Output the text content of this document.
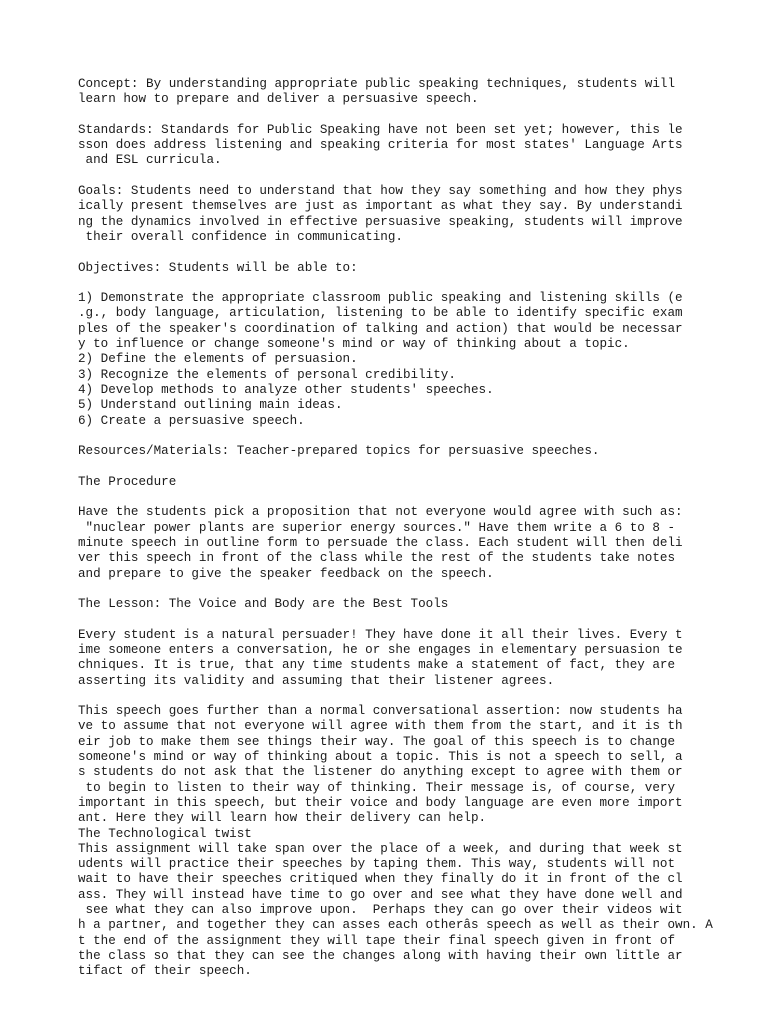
Concept: By understanding appropriate public speaking techniques, students will
learn how to prepare and deliver a persuasive speech.
Standards: Standards for Public Speaking have not been set yet; however, this le
sson does address listening and speaking criteria for most states' Language Arts
and ESL curricula.
Goals: Students need to understand that how they say something and how they phys
ically present themselves are just as important as what they say. By understandi
ng the dynamics involved in effective persuasive speaking, students will improve
their overall confidence in communicating.
Objectives: Students will be able to:
1) Demonstrate the appropriate classroom public speaking and listening skills (e
.g., body language, articulation, listening to be able to identify specific exam
ples of the speaker's coordination of talking and action) that would be necessar
y to influence or change someone's mind or way of thinking about a topic.
2) Define the elements of persuasion.
3) Recognize the elements of personal credibility.
4) Develop methods to analyze other students' speeches.
5) Understand outlining main ideas.
6) Create a persuasive speech.
Resources/Materials: Teacher-prepared topics for persuasive speeches.
The Procedure
Have the students pick a proposition that not everyone would agree with such as:
"nuclear power plants are superior energy sources." Have them write a 6 to 8 -
minute speech in outline form to persuade the class. Each student will then deli
ver this speech in front of the class while the rest of the students take notes
and prepare to give the speaker feedback on the speech.
The Lesson: The Voice and Body are the Best Tools
Every student is a natural persuader! They have done it all their lives. Every t
ime someone enters a conversation, he or she engages in elementary persuasion te
chniques. It is true, that any time students make a statement of fact, they are
asserting its validity and assuming that their listener agrees.
This speech goes further than a normal conversational assertion: now students ha
ve to assume that not everyone will agree with them from the start, and it is th
eir job to make them see things their way. The goal of this speech is to change
someone's mind or way of thinking about a topic. This is not a speech to sell, a
s students do not ask that the listener do anything except to agree with them or
to begin to listen to their way of thinking. Their message is, of course, very
important in this speech, but their voice and body language are even more import
ant. Here they will learn how their delivery can help.
The Technological twist
This assignment will take span over the place of a week, and during that week st
udents will practice their speeches by taping them. This way, students will not
wait to have their speeches critiqued when they finally do it in front of the cl
ass. They will instead have time to go over and see what they have done well and
see what they can also improve upon.  Perhaps they can go over their videos wit
h a partner, and together they can asses each otherâs speech as well as their own. A
t the end of the assignment they will tape their final speech given in front of
the class so that they can see the changes along with having their own little ar
tifact of their speech.
